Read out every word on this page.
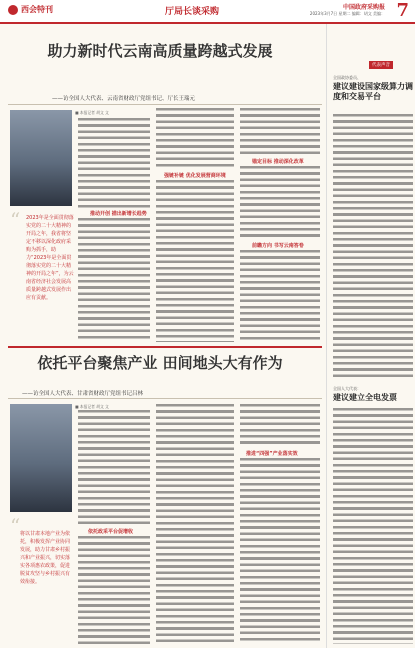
西会特刊	厅局长谈采购	中国政府采购报
2023年3月7日 星期二 编辑：胡文 美编： 7
助力新时代云南高质量跨越式发展
——访全国人大代表、云南省财政厅党组书记、厅长王瑞元
■ 本报记者 胡文 文
“ 2023年是全面贯彻落实党的二十大精神的开局之年，我省将坚定不移以深化政府采购为抓手，助力“2023年是全面贯彻落实党的二十大精神的开局之年”，为云南省经济社会发展高质量跨越式发展作出应有贡献。
推动开创 描出新增长趋势
强链补链 优化发展营商环境
锚定目标 推动深化改革
前瞻方向 书写云南答卷
依托平台聚焦产业 田间地头大有作为
——访全国人大代表、甘肃省财政厅党组书记吕林
■ 本报记者 胡文 文
“ 将以甘肃本地产业为依托，积极发挥产业协同发展，助力甘肃乡村振兴和产业振兴，切实落实各项惠农政策，促进脱贫攻坚与乡村振兴有效衔接。
依托政采平台促增收
推进“四强”产业落实效
代表声音
全国政协委员、
建议建设国家级算力调度和交易平台
全国人大代表：
建议建立全电发票
